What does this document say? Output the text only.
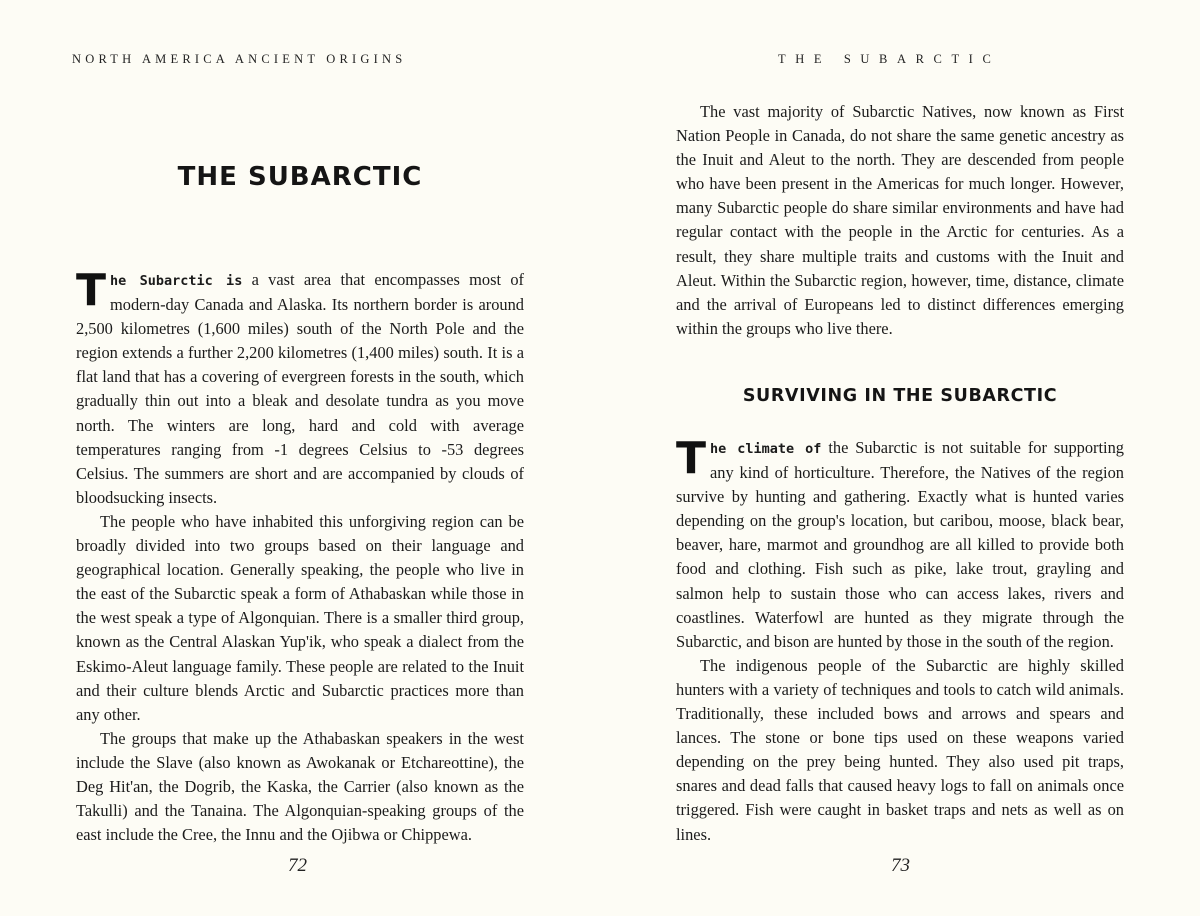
NORTH AMERICA ANCIENT ORIGINS
THE SUBARCTIC

The Subarctic is a vast area that encompasses most of modern-day Canada and Alaska. Its northern border is around 2,500 kilometres (1,600 miles) south of the North Pole and the region extends a further 2,200 kilometres (1,400 miles) south. It is a flat land that has a covering of evergreen forests in the south, which gradually thin out into a bleak and desolate tundra as you move north. The winters are long, hard and cold with average temperatures ranging from -1 degrees Celsius to -53 degrees Celsius. The summers are short and are accompanied by clouds of bloodsucking insects.

The people who have inhabited this unforgiving region can be broadly divided into two groups based on their language and geographical location. Generally speaking, the people who live in the east of the Subarctic speak a form of Athabaskan while those in the west speak a type of Algonquian. There is a smaller third group, known as the Central Alaskan Yup'ik, who speak a dialect from the Eskimo-Aleut language family. These people are related to the Inuit and their culture blends Arctic and Subarctic practices more than any other.

The groups that make up the Athabaskan speakers in the west include the Slave (also known as Awokanak or Etchareottine), the Deg Hit'an, the Dogrib, the Kaska, the Carrier (also known as the Takulli) and the Tanaina. The Algonquian-speaking groups of the east include the Cree, the Innu and the Ojibwa or Chippewa.

72
THE SUBARCTIC

The vast majority of Subarctic Natives, now known as First Nation People in Canada, do not share the same genetic ancestry as the Inuit and Aleut to the north. They are descended from people who have been present in the Americas for much longer. However, many Subarctic people do share similar environments and have had regular contact with the people in the Arctic for centuries. As a result, they share multiple traits and customs with the Inuit and Aleut. Within the Subarctic region, however, time, distance, climate and the arrival of Europeans led to distinct differences emerging within the groups who live there.

SURVIVING IN THE SUBARCTIC

The climate of the Subarctic is not suitable for supporting any kind of horticulture. Therefore, the Natives of the region survive by hunting and gathering. Exactly what is hunted varies depending on the group's location, but caribou, moose, black bear, beaver, hare, marmot and groundhog are all killed to provide both food and clothing. Fish such as pike, lake trout, grayling and salmon help to sustain those who can access lakes, rivers and coastlines. Waterfowl are hunted as they migrate through the Subarctic, and bison are hunted by those in the south of the region.

The indigenous people of the Subarctic are highly skilled hunters with a variety of techniques and tools to catch wild animals. Traditionally, these included bows and arrows and spears and lances. The stone or bone tips used on these weapons varied depending on the prey being hunted. They also used pit traps, snares and dead falls that caused heavy logs to fall on animals once triggered. Fish were caught in basket traps and nets as well as on lines.

73
